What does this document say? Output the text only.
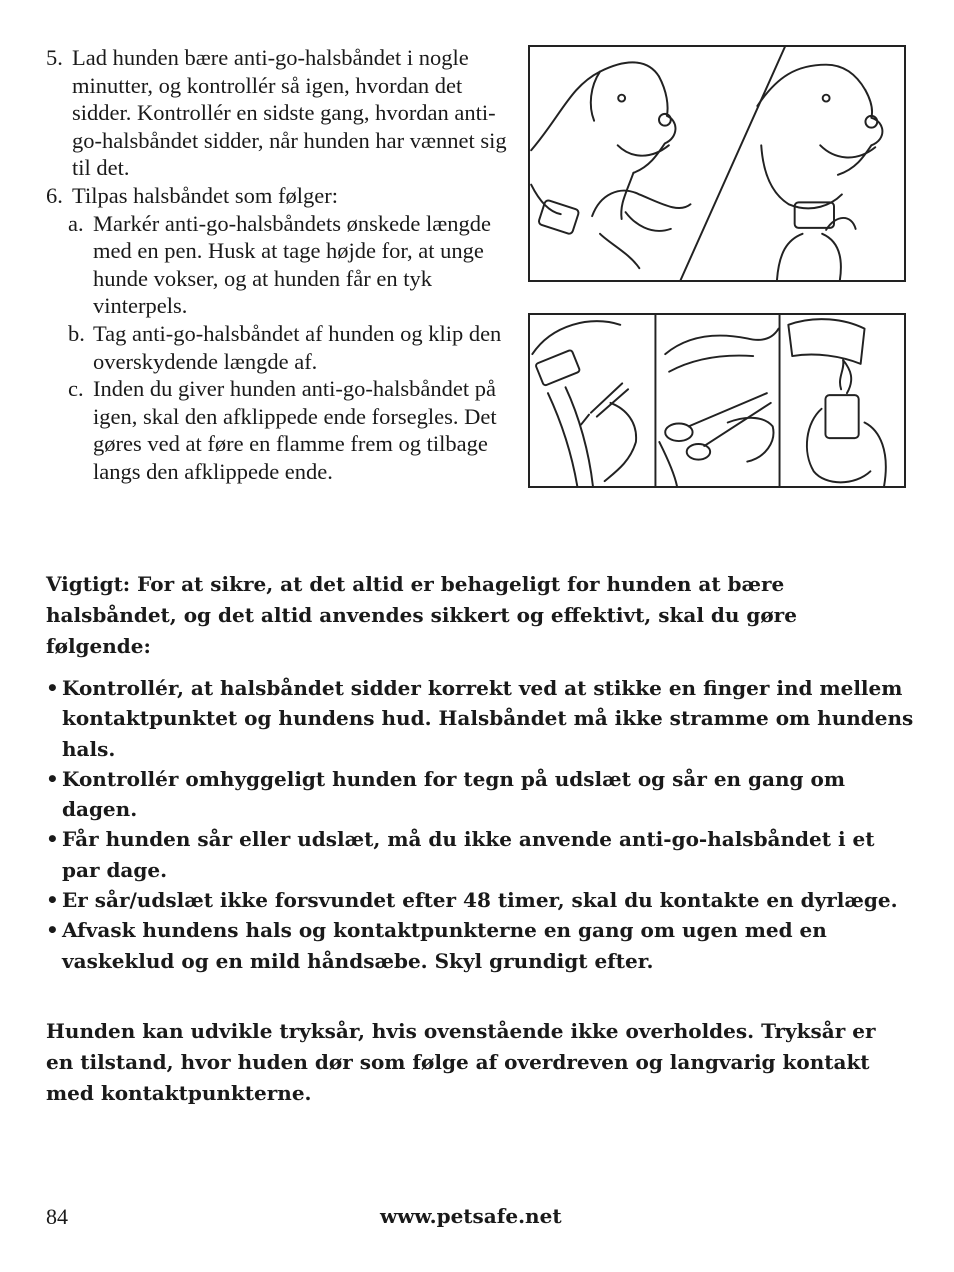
5. Lad hunden bære anti-go-halsbåndet i nogle minutter, og kontrollér så igen, hvordan det sidder. Kontrollér en sidste gang, hvordan anti-go-halsbåndet sidder, når hunden har vænnet sig til det.
6. Tilpas halsbåndet som følger:
a. Markér anti-go-halsbåndets ønskede længde med en pen. Husk at tage højde for, at unge hunde vokser, og at hunden får en tyk vinterpels.
b. Tag anti-go-halsbåndet af hunden og klip den overskydende længde af.
c. Inden du giver hunden anti-go-halsbåndet på igen, skal den afklippede ende forsegles. Det gøres ved at føre en flamme frem og tilbage langs den afklippede ende.
Vigtigt: For at sikre, at det altid er behageligt for hunden at bære halsbåndet, og det altid anvendes sikkert og effektivt, skal du gøre følgende:
• Kontrollér, at halsbåndet sidder korrekt ved at stikke en finger ind mellem kontaktpunktet og hundens hud. Halsbåndet må ikke stramme om hundens hals.
• Kontrollér omhyggeligt hunden for tegn på udslæt og sår en gang om dagen.
• Får hunden sår eller udslæt, må du ikke anvende anti-go-halsbåndet i et par dage.
• Er sår/udslæt ikke forsvundet efter 48 timer, skal du kontakte en dyrlæge.
• Afvask hundens hals og kontaktpunkterne en gang om ugen med en vaskeklud og en mild håndsæbe. Skyl grundigt efter.
Hunden kan udvikle tryksår, hvis ovenstående ikke overholdes. Tryksår er en tilstand, hvor huden dør som følge af overdreven og langvarig kontakt med kontaktpunkterne.
84	www.petsafe.net
